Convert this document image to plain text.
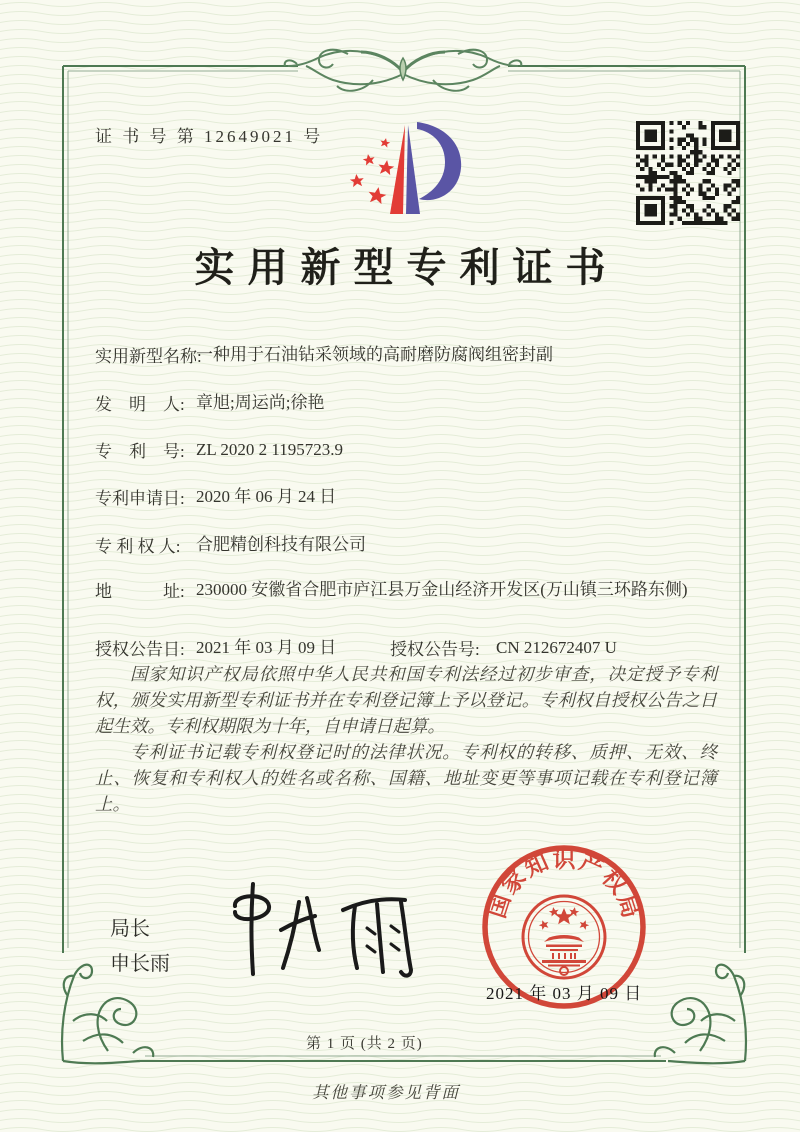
证 书 号 第 12649021 号
实用新型专利证书
实用新型名称:
一种用于石油钻采领域的高耐磨防腐阀组密封副
发　明　人: 章旭;周运尚;徐艳
专　利　号: ZL 2020 2 1195723.9
专利申请日: 2020 年 06 月 24 日
专 利 权 人: 合肥精创科技有限公司
地　　　址: 230000 安徽省合肥市庐江县万金山经济开发区(万山镇三环路东侧)
授权公告日: 2021 年 03 月 09 日	授权公告号: CN 212672407 U

国家知识产权局依照中华人民共和国专利法经过初步审查，决定授予专利权，颁发实用新型专利证书并在专利登记簿上予以登记。专利权自授权公告之日起生效。专利权期限为十年，自申请日起算。

专利证书记载专利权登记时的法律状况。专利权的转移、质押、无效、终止、恢复和专利权人的姓名或名称、国籍、地址变更等事项记载在专利登记簿上。

局长
申长雨
国
家
知 识 产
权
局
2021 年 03 月 09 日
第 1 页 (共 2 页)
其他事项参见背面
